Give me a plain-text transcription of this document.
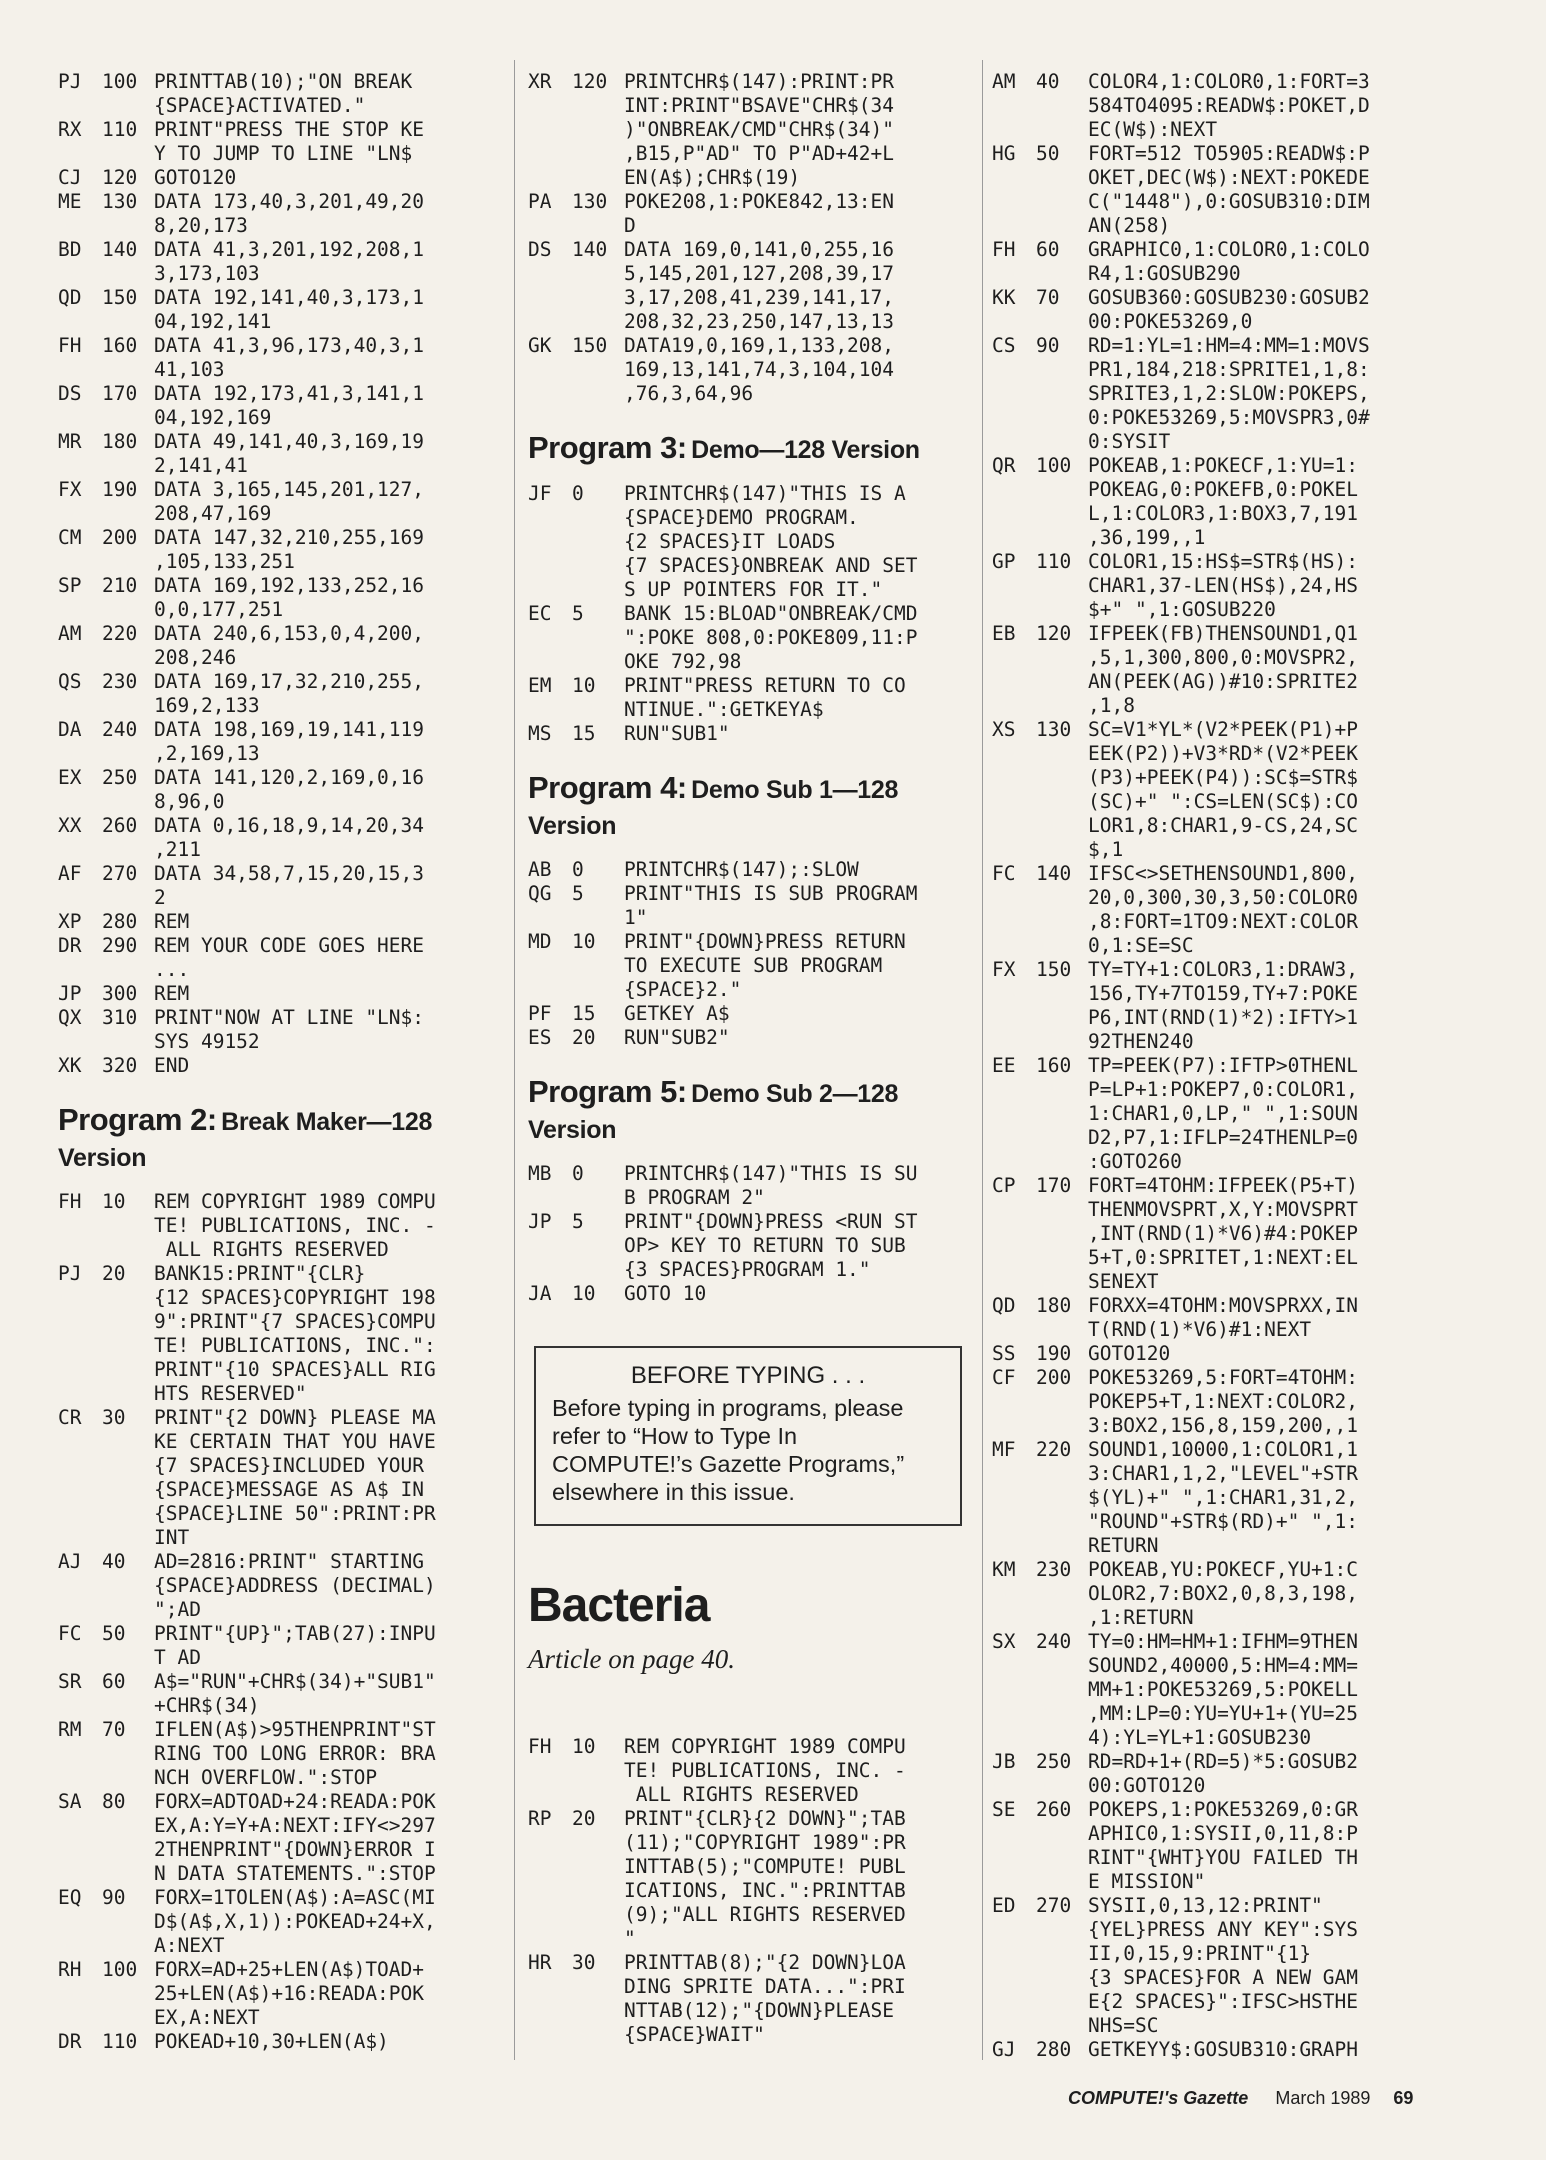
PJ	100 PRINTTAB(10);"ON BREAK
{SPACE}ACTIVATED."
RX	110 PRINT"PRESS THE STOP KE
Y TO JUMP TO LINE "LN$
CJ	120 GOTO120
ME	130 DATA 173,40,3,201,49,20
8,20,173
BD	140 DATA 41,3,201,192,208,1
3,173,103
QD	150 DATA 192,141,40,3,173,1
04,192,141
FH	160 DATA 41,3,96,173,40,3,1
41,103
DS	170 DATA 192,173,41,3,141,1
04,192,169
MR	180 DATA 49,141,40,3,169,19
2,141,41
FX	190 DATA 3,165,145,201,127,
208,47,169
CM	200 DATA 147,32,210,255,169
,105,133,251
SP	210 DATA 169,192,133,252,16
0,0,177,251
AM	220 DATA 240,6,153,0,4,200,
208,246
QS	230 DATA 169,17,32,210,255,
169,2,133
DA	240 DATA 198,169,19,141,119
,2,169,13
EX	250 DATA 141,120,2,169,0,16
8,96,0
XX	260 DATA 0,16,18,9,14,20,34
,211
AF	270 DATA 34,58,7,15,20,15,3
2
XP	280 REM
DR	290 REM YOUR CODE GOES HERE
...
JP	300 REM
QX	310 PRINT"NOW AT LINE "LN$:
SYS 49152
XK	320 END
Program 2: Break Maker—128 Version
FH	10	REM COPYRIGHT 1989 COMPU
TE! PUBLICATIONS, INC. -
ALL RIGHTS RESERVED
PJ	20	BANK15:PRINT"{CLR}
{12 SPACES}COPYRIGHT 198
9":PRINT"{7 SPACES}COMPU
TE! PUBLICATIONS, INC.":
PRINT"{10 SPACES}ALL RIG
HTS RESERVED"
CR	30	PRINT"{2 DOWN} PLEASE MA
KE CERTAIN THAT YOU HAVE
{7 SPACES}INCLUDED YOUR
{SPACE}MESSAGE AS A$ IN
{SPACE}LINE 50":PRINT:PR
INT
AJ	40	AD=2816:PRINT" STARTING
{SPACE}ADDRESS (DECIMAL)
";AD
FC	50	PRINT"{UP}";TAB(27):INPU
T AD
SR	60	A$="RUN"+CHR$(34)+"SUB1"
+CHR$(34)
RM	70	IFLEN(A$)>95THENPRINT"ST
RING TOO LONG ERROR: BRA
NCH OVERFLOW.":STOP
SA	80	FORX=ADTOAD+24:READA:POK
EX,A:Y=Y+A:NEXT:IFY<>297
2THENPRINT"{DOWN}ERROR I
N DATA STATEMENTS.":STOP
EQ	90	FORX=1TOLEN(A$):A=ASC(MI
D$(A$,X,1)):POKEAD+24+X,
A:NEXT
RH	100 FORX=AD+25+LEN(A$)TOAD+
25+LEN(A$)+16:READA:POK
EX,A:NEXT
DR	110 POKEAD+10,30+LEN(A$)
XR	120 PRINTCHR$(147):PRINT:PR
INT:PRINT"BSAVE"CHR$(34
)"ONBREAK/CMD"CHR$(34)"
,B15,P"AD" TO P"AD+42+L
EN(A$);CHR$(19)
PA	130 POKE208,1:POKE842,13:EN
D
DS	140 DATA 169,0,141,0,255,16
5,145,201,127,208,39,17
3,17,208,41,239,141,17,
208,32,23,250,147,13,13
GK	150 DATA19,0,169,1,133,208,
169,13,141,74,3,104,104
,76,3,64,96
Program 3: Demo—128 Version
JF	0	PRINTCHR$(147)"THIS IS A
{SPACE}DEMO PROGRAM.
{2 SPACES}IT LOADS
{7 SPACES}ONBREAK AND SET
S UP POINTERS FOR IT."
EC	5	BANK 15:BLOAD"ONBREAK/CMD
":POKE 808,0:POKE809,11:P
OKE 792,98
EM	10	PRINT"PRESS RETURN TO CO
NTINUE.":GETKEYA$
MS	15	RUN"SUB1"
Program 4: Demo Sub 1—128 Version
AB	0	PRINTCHR$(147);:SLOW
QG	5	PRINT"THIS IS SUB PROGRAM
1"
MD	10	PRINT"{DOWN}PRESS RETURN
TO EXECUTE SUB PROGRAM
{SPACE}2."
PF	15	GETKEY A$
ES	20	RUN"SUB2"
Program 5: Demo Sub 2—128 Version
MB	0	PRINTCHR$(147)"THIS IS SU
B PROGRAM 2"
JP	5	PRINT"{DOWN}PRESS <RUN ST
OP> KEY TO RETURN TO SUB
{3 SPACES}PROGRAM 1."
JA	10	GOTO 10
BEFORE TYPING . . .
Before typing in programs, please refer to “How to Type In COMPUTE!’s Gazette Programs,” elsewhere in this issue.
Bacteria
Article on page 40.
FH	10	REM COPYRIGHT 1989 COMPU
TE! PUBLICATIONS, INC. -
ALL RIGHTS RESERVED
RP	20	PRINT"{CLR}{2 DOWN}";TAB
(11);"COPYRIGHT 1989":PR
INTTAB(5);"COMPUTE! PUBL
ICATIONS, INC.":PRINTTAB
(9);"ALL RIGHTS RESERVED
"
HR	30	PRINTTAB(8);"{2 DOWN}LOA
DING SPRITE DATA...":PRI
NTTAB(12);"{DOWN}PLEASE
{SPACE}WAIT"
AM	40	COLOR4,1:COLOR0,1:FORT=3
584TO4095:READW$:POKET,D
EC(W$):NEXT
HG	50	FORT=512 TO5905:READW$:P
OKET,DEC(W$):NEXT:POKEDE
C("1448"),0:GOSUB310:DIM
AN(258)
FH	60	GRAPHIC0,1:COLOR0,1:COLO
R4,1:GOSUB290
KK	70	GOSUB360:GOSUB230:GOSUB2
00:POKE53269,0
CS	90	RD=1:YL=1:HM=4:MM=1:MOVS
PR1,184,218:SPRITE1,1,8:
SPRITE3,1,2:SLOW:POKEPS,
0:POKE53269,5:MOVSPR3,0#
0:SYSIT
QR	100 POKEAB,1:POKECF,1:YU=1:
POKEAG,0:POKEFB,0:POKEL
L,1:COLOR3,1:BOX3,7,191
,36,199,,1
GP	110 COLOR1,15:HS$=STR$(HS):
CHAR1,37-LEN(HS$),24,HS
$+" ",1:GOSUB220
EB	120 IFPEEK(FB)THENSOUND1,Q1
,5,1,300,800,0:MOVSPR2,
AN(PEEK(AG))#10:SPRITE2
,1,8
XS	130 SC=V1*YL*(V2*PEEK(P1)+P
EEK(P2))+V3*RD*(V2*PEEK
(P3)+PEEK(P4)):SC$=STR$
(SC)+" ":CS=LEN(SC$):CO
LOR1,8:CHAR1,9-CS,24,SC
$,1
FC	140 IFSC<>SETHENSOUND1,800,
20,0,300,30,3,50:COLOR0
,8:FORT=1TO9:NEXT:COLOR
0,1:SE=SC
FX	150 TY=TY+1:COLOR3,1:DRAW3,
156,TY+7TO159,TY+7:POKE
P6,INT(RND(1)*2):IFTY>1
92THEN240
EE	160 TP=PEEK(P7):IFTP>0THENL
P=LP+1:POKEP7,0:COLOR1,
1:CHAR1,0,LP," ",1:SOUN
D2,P7,1:IFLP=24THENLP=0
:GOTO260
CP	170 FORT=4TOHM:IFPEEK(P5+T)
THENMOVSPRT,X,Y:MOVSPRT
,INT(RND(1)*V6)#4:POKEP
5+T,0:SPRITET,1:NEXT:EL
SENEXT
QD	180 FORXX=4TOHM:MOVSPRXX,IN
T(RND(1)*V6)#1:NEXT
SS	190 GOTO120
CF	200 POKE53269,5:FORT=4TOHM:
POKEP5+T,1:NEXT:COLOR2,
3:BOX2,156,8,159,200,,1
MF	220 SOUND1,10000,1:COLOR1,1
3:CHAR1,1,2,"LEVEL"+STR
$(YL)+" ",1:CHAR1,31,2,
"ROUND"+STR$(RD)+" ",1:
RETURN
KM	230 POKEAB,YU:POKECF,YU+1:C
OLOR2,7:BOX2,0,8,3,198,
,1:RETURN
SX	240 TY=0:HM=HM+1:IFHM=9THEN
SOUND2,40000,5:HM=4:MM=
MM+1:POKE53269,5:POKELL
,MM:LP=0:YU=YU+1+(YU=25
4):YL=YL+1:GOSUB230
JB	250 RD=RD+1+(RD=5)*5:GOSUB2
00:GOTO120
SE	260 POKEPS,1:POKE53269,0:GR
APHIC0,1:SYSII,0,11,8:P
RINT"{WHT}YOU FAILED TH
E MISSION"
ED	270 SYSII,0,13,12:PRINT"
{YEL}PRESS ANY KEY":SYS
II,0,15,9:PRINT"{1}
{3 SPACES}FOR A NEW GAM
E{2 SPACES}":IFSC>HSTHE
NHS=SC
GJ	280 GETKEYY$:GOSUB310:GRAPH
COMPUTE!'s Gazette March 1989 69
